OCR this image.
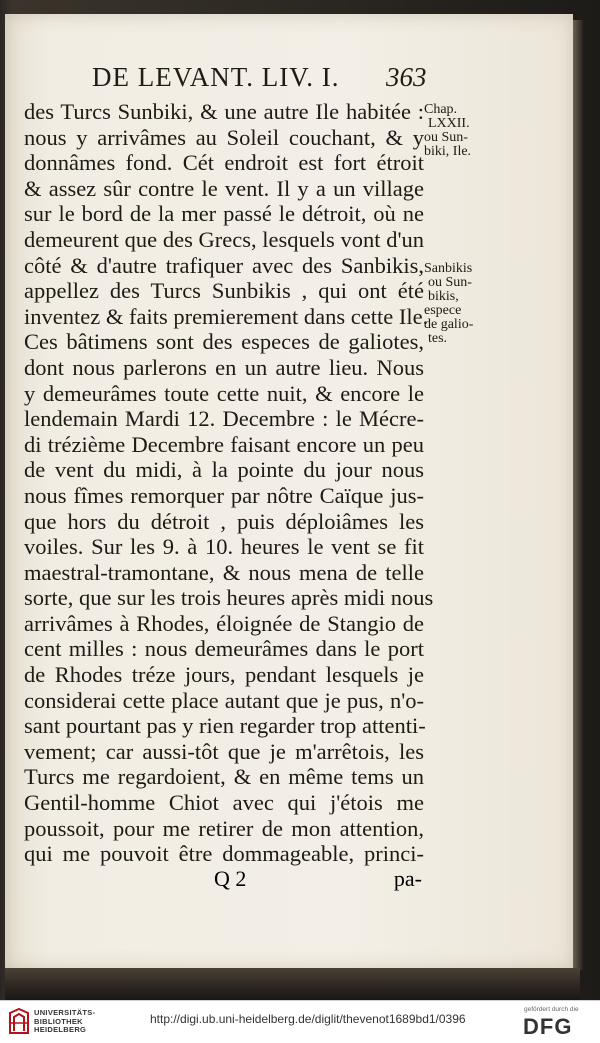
DE LEVANT. LIV. I. 363
des Turcs Sunbiki, & une autre Ile habitée :
nous y arrivâmes au Soleil couchant, & y
donnâmes fond. Cét endroit est fort étroit
& assez sûr contre le vent. Il y a un village
sur le bord de la mer passé le détroit, où ne
demeurent que des Grecs, lesquels vont d'un
côté & d'autre trafiquer avec des Sanbikis,
appellez des Turcs Sunbikis , qui ont été
inventez & faits premierement dans cette Ile.
Ces bâtimens sont des especes de galiotes,
dont nous parlerons en un autre lieu. Nous
y demeurâmes toute cette nuit, & encore le
lendemain Mardi 12. Decembre : le Mécre-
di trézième Decembre faisant encore un peu
de vent du midi, à la pointe du jour nous
nous fîmes remorquer par nôtre Caïque jus-
que hors du détroit , puis déploiâmes les
voiles. Sur les 9. à 10. heures le vent se fit
maestral-tramontane, & nous mena de telle
sorte, que sur les trois heures après midi nous
arrivâmes à Rhodes, éloignée de Stangio de
cent milles : nous demeurâmes dans le port
de Rhodes tréze jours, pendant lesquels je
considerai cette place autant que je pus, n'o-
sant pourtant pas y rien regarder trop attenti-
vement; car aussi-tôt que je m'arrêtois, les
Turcs me regardoient, & en même tems un
Gentil-homme Chiot avec qui j'étois me
poussoit, pour me retirer de mon attention,
qui me pouvoit être dommageable, princi-
Chap.
LXXII.
ou Sun-
biki, Ile.
Sanbikis
ou Sun-
bikis,
espece
de galio-
tes.
Q 2	pa-
UNIVERSITÄTS-
BIBLIOTHEK
HEIDELBERG
http://digi.ub.uni-heidelberg.de/diglit/thevenot1689bd1/0396
gefördert durch die
DFG
